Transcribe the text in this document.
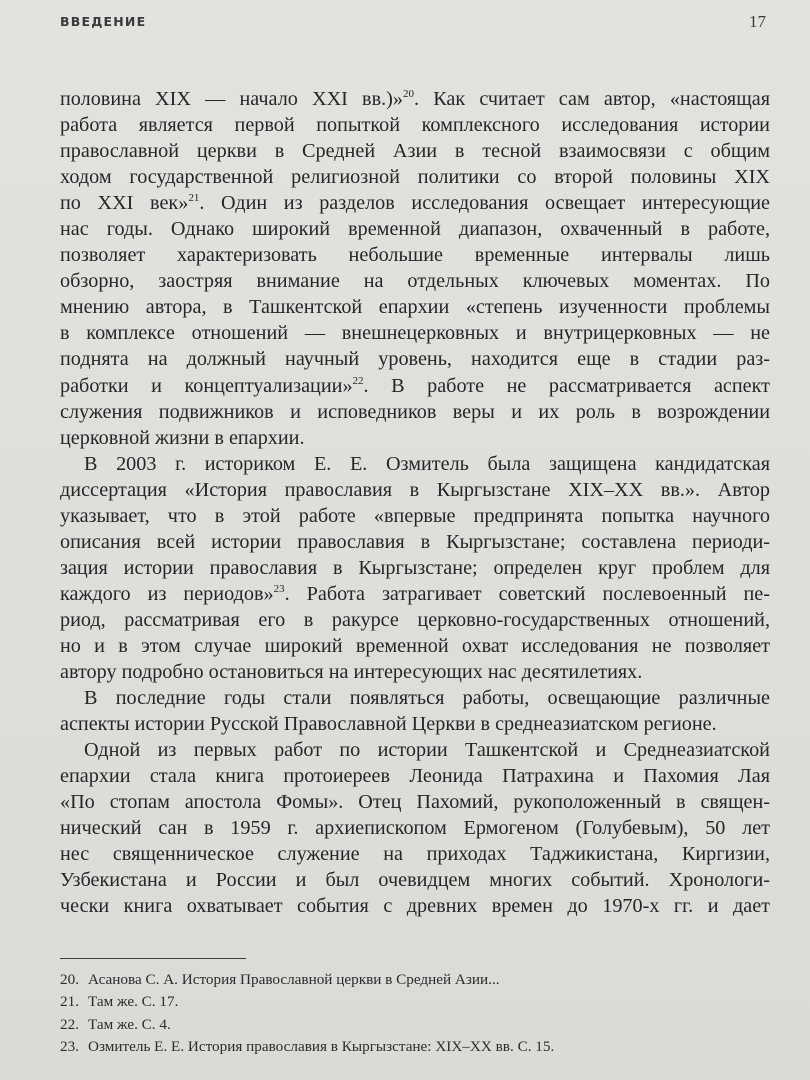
ВВЕДЕНИЕ	17
половина XIX — начало XXI вв.)»$^{20}$. Как считает сам автор, «настоящая
работа является первой попыткой комплексного исследования истории
православной церкви в Средней Азии в тесной взаимосвязи с общим
ходом государственной религиозной политики со второй половины XIX
по XXI век»$^{21}$. Один из разделов исследования освещает интересующие
нас годы. Однако широкий временной диапазон, охваченный в работе,
позволяет характеризовать небольшие временные интервалы лишь
обзорно, заостряя внимание на отдельных ключевых моментах. По
мнению автора, в Ташкентской епархии «степень изученности проблемы
в комплексе отношений — внешнецерковных и внутрицерковных — не
поднята на должный научный уровень, находится еще в стадии раз-
работки и концептуализации»$^{22}$. В работе не рассматривается аспект
служения подвижников и исповедников веры и их роль в возрождении
церковной жизни в епархии.
В 2003 г. историком Е. Е. Озмитель была защищена кандидатская
диссертация «История православия в Кыргызстане XIX–XX вв.». Автор
указывает, что в этой работе «впервые предпринята попытка научного
описания всей истории православия в Кыргызстане; составлена периоди-
зация истории православия в Кыргызстане; определен круг проблем для
каждого из периодов»$^{23}$. Работа затрагивает советский послевоенный пе-
риод, рассматривая его в ракурсе церковно-государственных отношений,
но и в этом случае широкий временной охват исследования не позволяет
автору подробно остановиться на интересующих нас десятилетиях.
В последние годы стали появляться работы, освещающие различные
аспекты истории Русской Православной Церкви в среднеазиатском регионе.
Одной из первых работ по истории Ташкентской и Среднеазиатской
епархии стала книга протоиереев Леонида Патрахина и Пахомия Лая
«По стопам апостола Фомы». Отец Пахомий, рукоположенный в священ-
нический сан в 1959 г. архиепископом Ермогеном (Голубевым), 50 лет
нес священническое служение на приходах Таджикистана, Киргизии,
Узбекистана и России и был очевидцем многих событий. Хронологи-
чески книга охватывает события с древних времен до 1970-х гг. и дает
20. Асанова С. А. История Православной церкви в Средней Азии...
21. Там же. С. 17.
22. Там же. С. 4.
23. Озмитель Е. Е. История православия в Кыргызстане: XIX–XX вв. С. 15.
